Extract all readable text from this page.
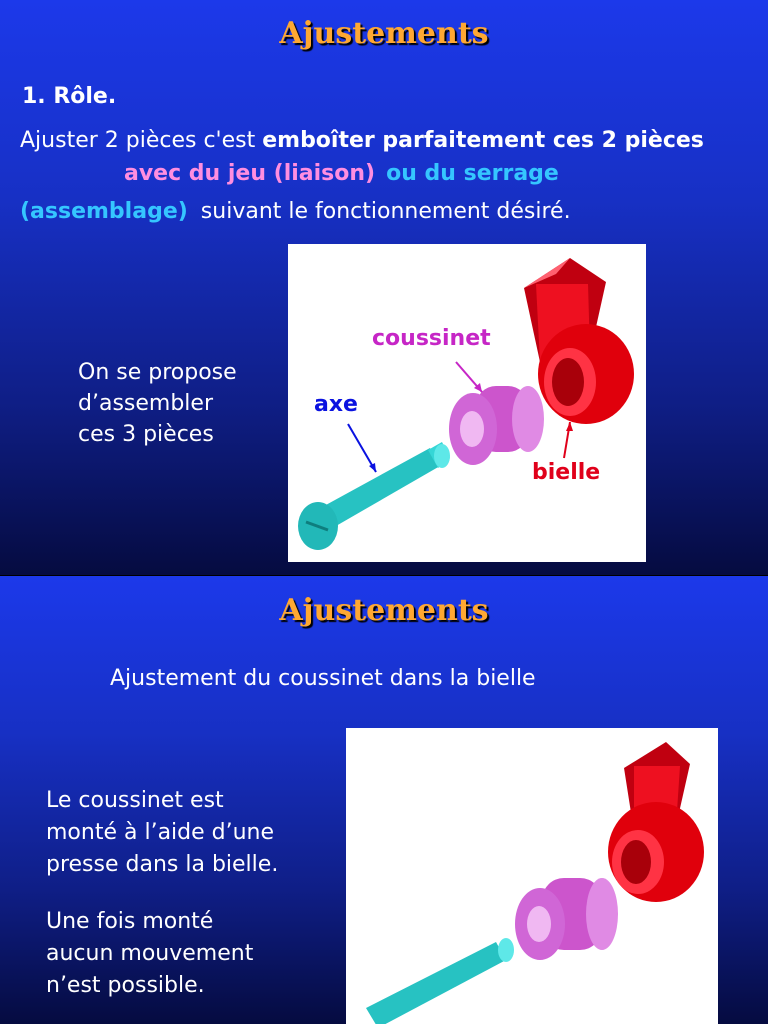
Ajustements
1. Rôle.
Ajuster 2 pièces c'est emboîter parfaitement ces 2 pièces
avec du jeu (liaison) ou du serrage
(assemblage) suivant le fonctionnement désiré.
On se propose
d’assembler
ces 3 pièces
coussinet
axe
bielle
Ajustements
Ajustement du coussinet dans la bielle
Le coussinet est
monté à l’aide d’une
presse dans la bielle.
Une fois monté
aucun mouvement
n’est possible.
